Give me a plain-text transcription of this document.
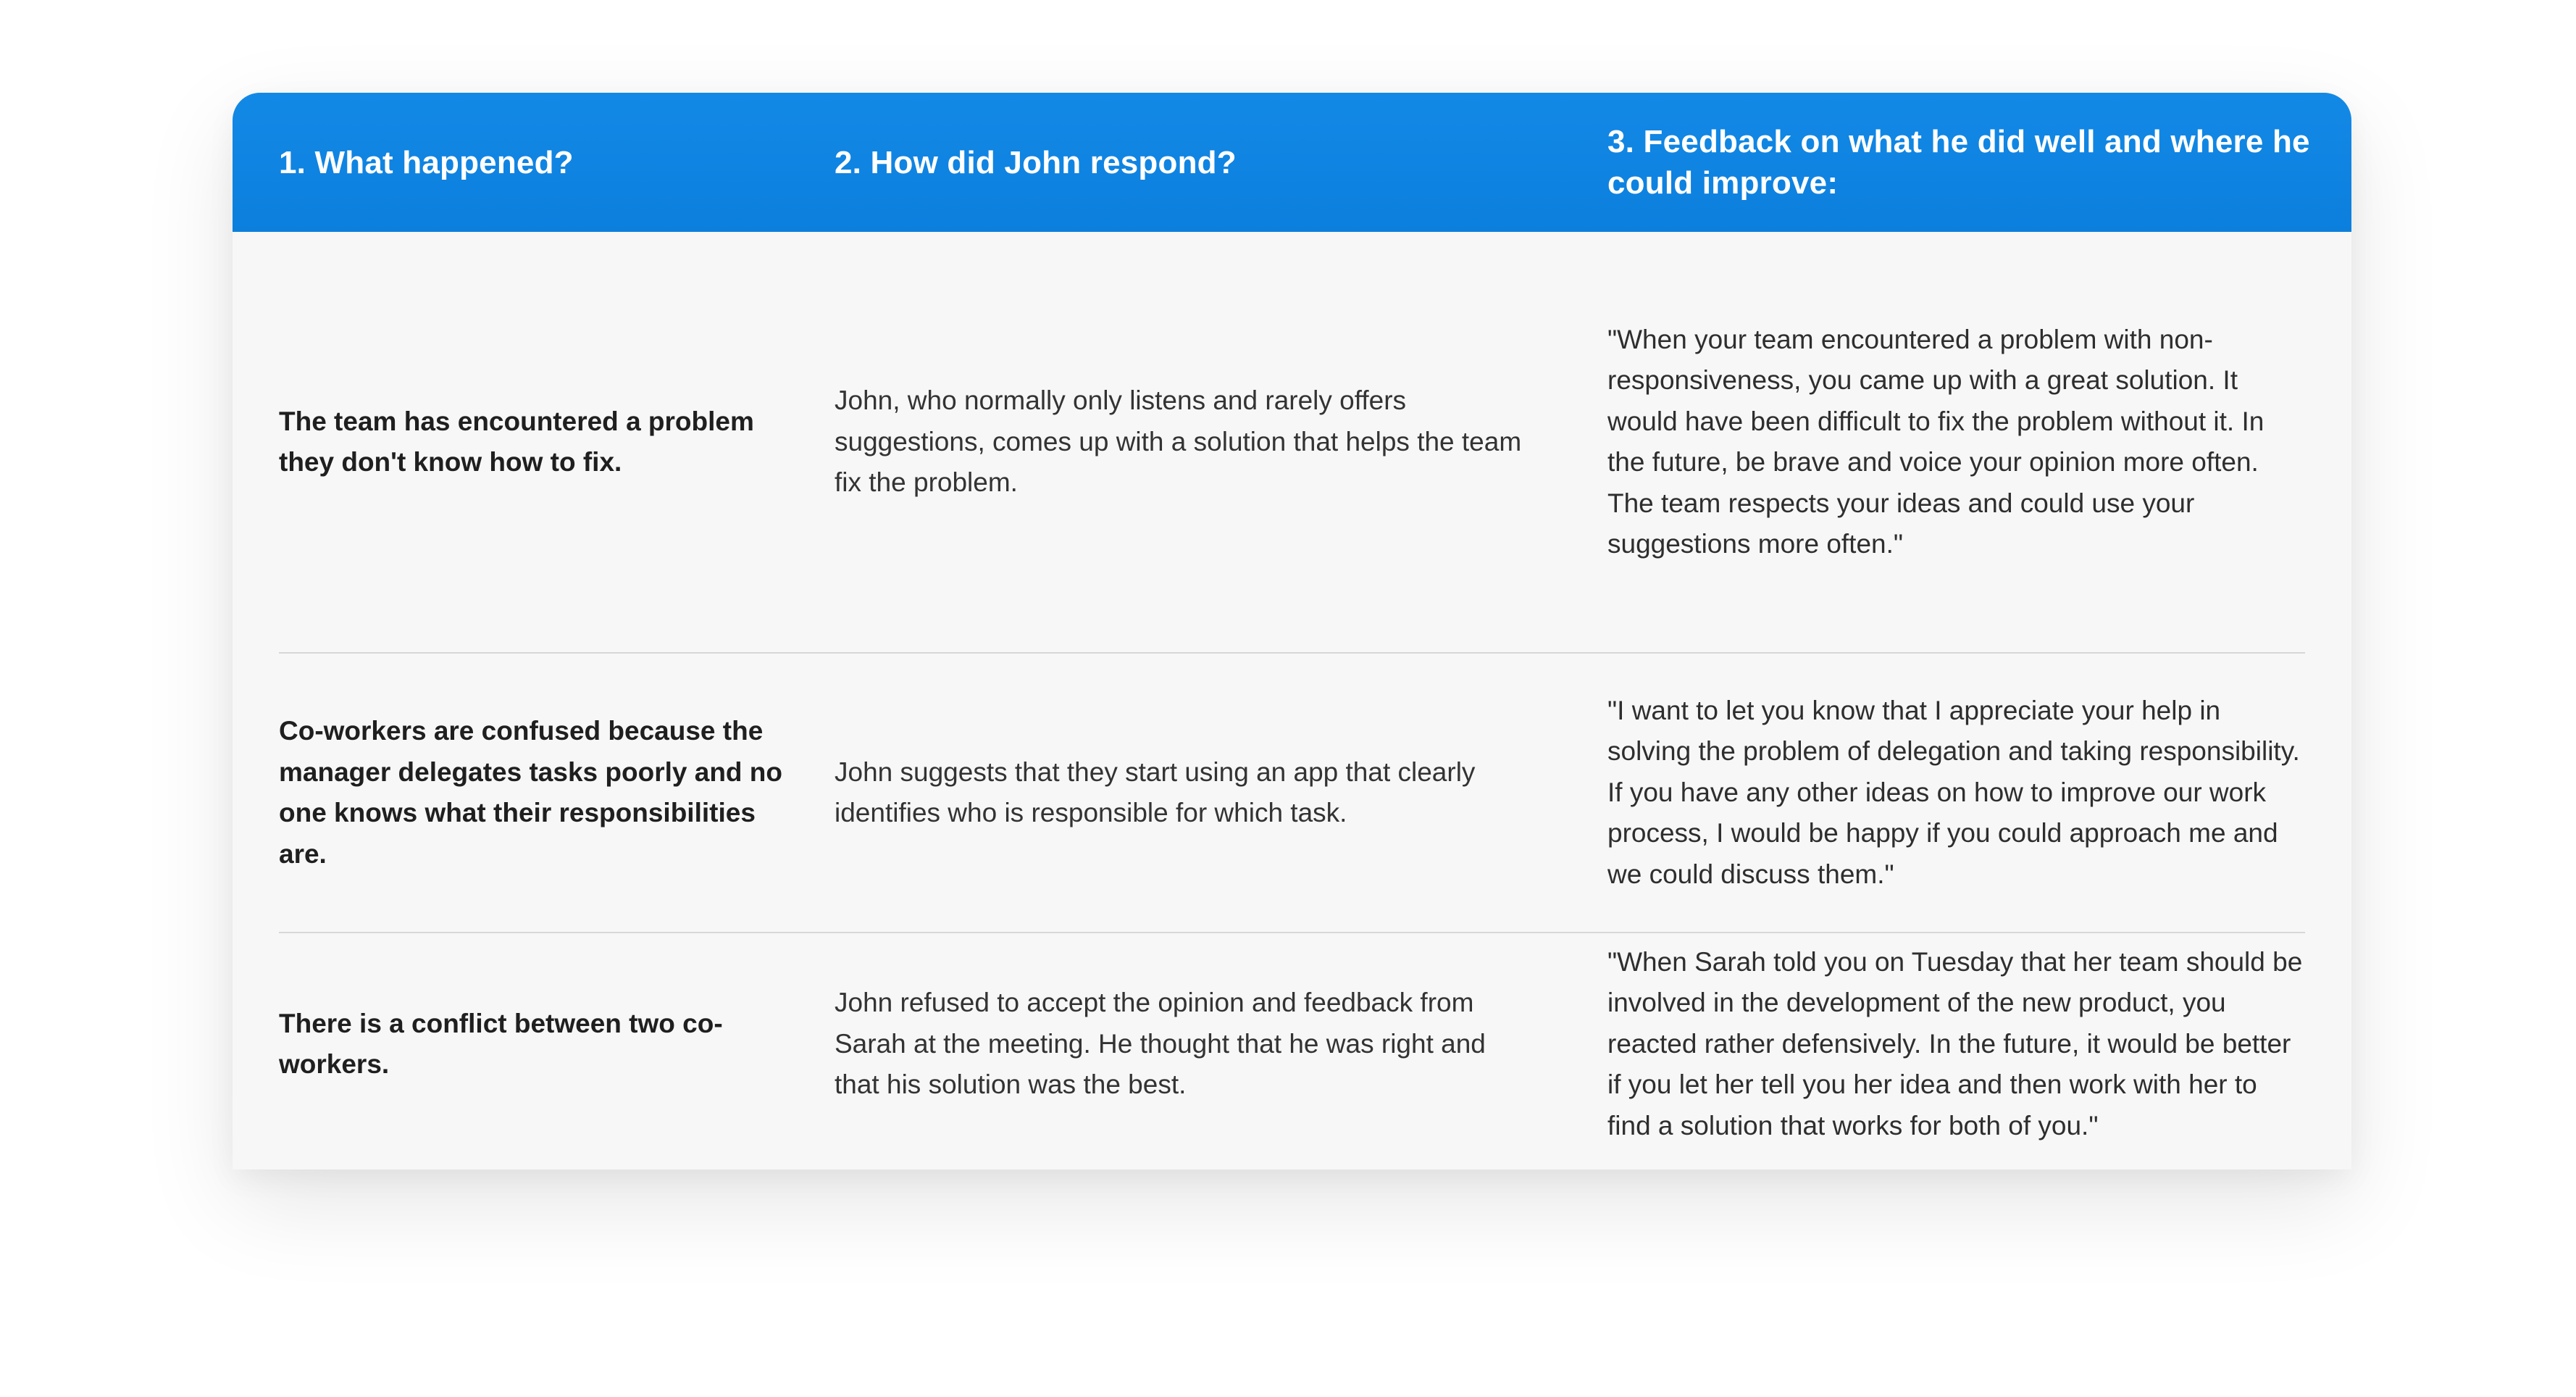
1. What happened?	2. How did John respond?
3. Feedback on what he did well and where he could improve:
The team has encountered a problem they don't know how to fix.
John, who normally only listens and rarely offers suggestions, comes up with a solution that helps the team fix the problem.
"When your team encountered a problem with non-responsiveness, you came up with a great solution. It would have been difficult to fix the problem without it. In the future, be brave and voice your opinion more often. The team respects your ideas and could use your suggestions more often."
Co-workers are confused because the manager delegates tasks poorly and no one knows what their responsibilities are.
John suggests that they start using an app that clearly identifies who is responsible for which task.
"I want to let you know that I appreciate your help in solving the problem of delegation and taking responsibility. If you have any other ideas on how to improve our work process, I would be happy if you could approach me and we could discuss them."
There is a conflict between two co-workers.
John refused to accept the opinion and feedback from Sarah at the meeting. He thought that he was right and that his solution was the best.
"When Sarah told you on Tuesday that her team should be involved in the development of the new product, you reacted rather defensively. In the future, it would be better if you let her tell you her idea and then work with her to find a solution that works for both of you."
